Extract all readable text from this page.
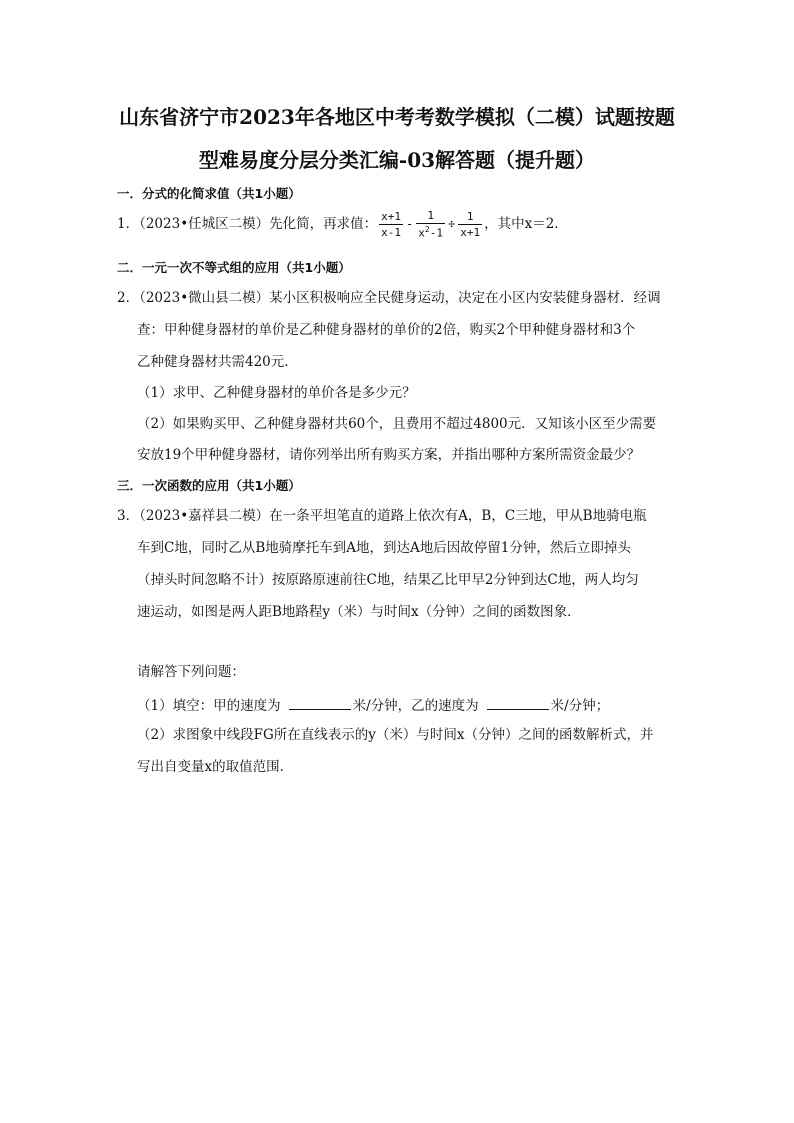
山东省济宁市2023年各地区中考考数学模拟（二模）试题按题
型难易度分层分类汇编-03解答题（提升题）
一．分式的化简求值（共1小题）
1．（2023•任城区二模）先化简，再求值： $\frac{x+1}{x-1} - \frac{1}{x^2-1} \div \frac{1}{x+1}$ ，其中x＝2．
二．一元一次不等式组的应用（共1小题）
2．（2023•微山县二模）某小区积极响应全民健身运动，决定在小区内安装健身器材．经调
查：甲种健身器材的单价是乙种健身器材的单价的2倍，购买2个甲种健身器材和3个
乙种健身器材共需420元．
（1）求甲、乙种健身器材的单价各是多少元？
（2）如果购买甲、乙种健身器材共60个，且费用不超过4800元．又知该小区至少需要
安放19个甲种健身器材，请你列举出所有购买方案，并指出哪种方案所需资金最少？
三．一次函数的应用（共1小题）
3．（2023•嘉祥县二模）在一条平坦笔直的道路上依次有A，B，C三地，甲从B地骑电瓶
车到C地，同时乙从B地骑摩托车到A地，到达A地后因故停留1分钟，然后立即掉头
（掉头时间忽略不计）按原路原速前往C地，结果乙比甲早2分钟到达C地，两人均匀
速运动，如图是两人距B地路程y（米）与时间x（分钟）之间的函数图象．
请解答下列问题：
（1）填空：甲的速度为	米/分钟，乙的速度为	米/分钟；
（2）求图象中线段FG所在直线表示的y（米）与时间x（分钟）之间的函数解析式，并
写出自变量x的取值范围．
